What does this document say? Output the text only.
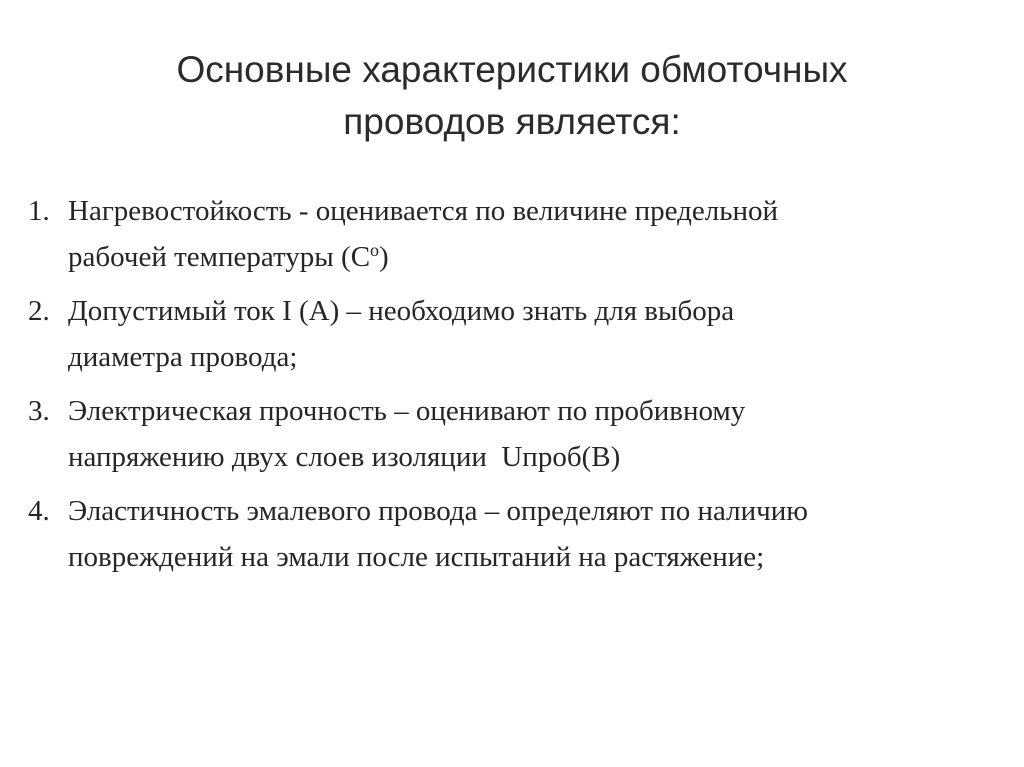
Основные характеристики обмоточных
проводов является:
1. Нагревостойкость - оценивается по величине предельной
рабочей температуры $(С^о)$
2. Допустимый ток I (А) – необходимо знать для выбора
диаметра провода;
3. Электрическая прочность – оценивают по пробивному
напряжению двух слоев изоляции  Uпроб(В)
4. Эластичность эмалевого провода – определяют по наличию
повреждений на эмали после испытаний на растяжение;
